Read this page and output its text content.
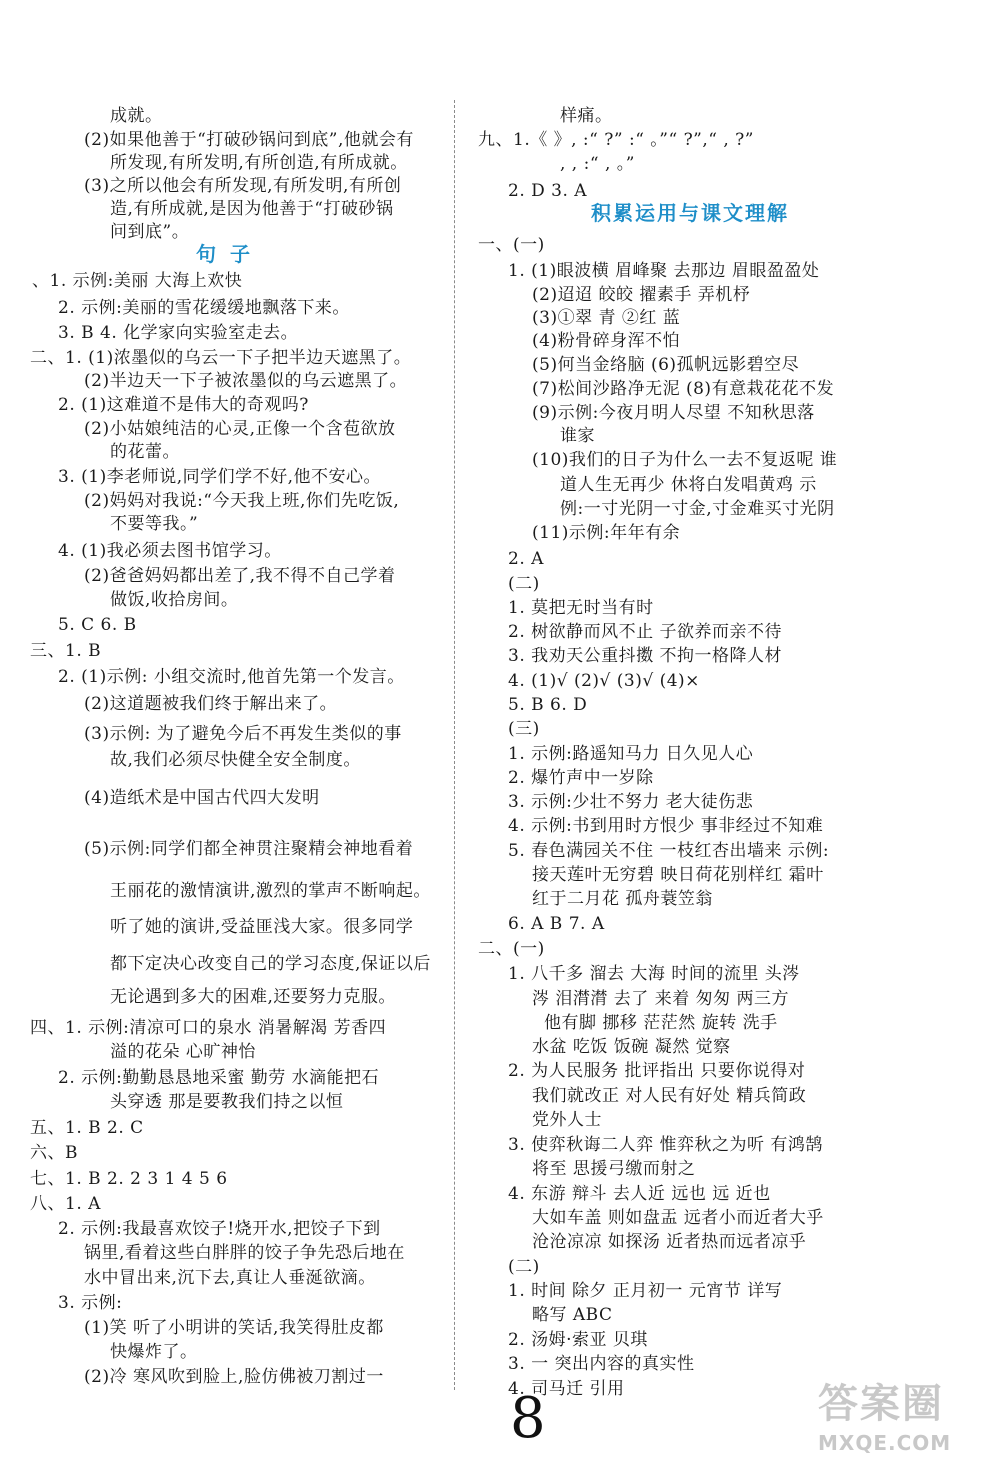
成就。
(2)如果他善于“打破砂锅问到底”,他就会有
所发现,有所发明,有所创造,有所成就。
(3)之所以他会有所发现,有所发明,有所创
造,有所成就,是因为他善于“打破砂锅
问到底”。
、1. 示例:美丽 大海上欢快
2. 示例:美丽的雪花缓缓地飘落下来。
3. B 4. 化学家向实验室走去。
二、1. (1)浓墨似的乌云一下子把半边天遮黑了。
(2)半边天一下子被浓墨似的乌云遮黑了。
2. (1)这难道不是伟大的奇观吗?
(2)小姑娘纯洁的心灵,正像一个含苞欲放
的花蕾。
3. (1)李老师说,同学们学不好,他不安心。
(2)妈妈对我说:“今天我上班,你们先吃饭,
不要等我。”
4. (1)我必须去图书馆学习。
(2)爸爸妈妈都出差了,我不得不自己学着
做饭,收拾房间。
5. C 6. B
三、1. B
2. (1)示例: 小组交流时,他首先第一个发言。
(2)这道题被我们终于解出来了。
(3)示例: 为了避免今后不再发生类似的事
故,我们必须尽快健全安全制度。
(4)造纸术是中国古代四大发明
(5)示例:同学们都全神贯注聚精会神地看着
王丽花的激情演讲,激烈的掌声不断响起。
听了她的演讲,受益匪浅大家。很多同学
都下定决心改变自己的学习态度,保证以后
无论遇到多大的困难,还要努力克服。
四、1. 示例:清凉可口的泉水 消暑解渴 芳香四
溢的花朵 心旷神怡
2. 示例:勤勤恳恳地采蜜 勤劳 水滴能把石
头穿透 那是要教我们持之以恒
五、1. B 2. C
六、B
七、1. B 2. 2 3 1 4 5 6
八、1. A
2. 示例:我最喜欢饺子!烧开水,把饺子下到
锅里,看着这些白胖胖的饺子争先恐后地在
水中冒出来,沉下去,真让人垂涎欲滴。
3. 示例:
(1)笑 听了小明讲的笑话,我笑得肚皮都
快爆炸了。
(2)冷 寒风吹到脸上,脸仿佛被刀割过一
样痛。
九、1.《 》, :“ ?” :“ 。”“ ?”,“ , ?”
, , :“ , 。”
2. D 3. A
一、(一)
1. (1)眼波横 眉峰聚 去那边 眉眼盈盈处
(2)迢迢 皎皎 擢素手 弄机杼
(3)①翠 青 ②红 蓝
(4)粉骨碎身浑不怕
(5)何当金络脑 (6)孤帆远影碧空尽
(7)松间沙路净无泥 (8)有意栽花花不发
(9)示例:今夜月明人尽望 不知秋思落
谁家
(10)我们的日子为什么一去不复返呢 谁
道人生无再少 休将白发唱黄鸡 示
例:一寸光阴一寸金,寸金难买寸光阴
(11)示例:年年有余
2. A
(二)
1. 莫把无时当有时
2. 树欲静而风不止 子欲养而亲不待
3. 我劝天公重抖擞 不拘一格降人材
4. (1)√ (2)√ (3)√ (4)×
5. B 6. D
(三)
1. 示例:路遥知马力 日久见人心
2. 爆竹声中一岁除
3. 示例:少壮不努力 老大徒伤悲
4. 示例:书到用时方恨少 事非经过不知难
5. 春色满园关不住 一枝红杏出墙来 示例:
接天莲叶无穷碧 映日荷花别样红 霜叶
红于二月花 孤舟蓑笠翁
6. A B 7. A
二、(一)
1. 八千多 溜去 大海 时间的流里 头涔
涔 泪潸潸 去了 来着 匆匆 两三方
他有脚 挪移 茫茫然 旋转 洗手
水盆 吃饭 饭碗 凝然 觉察
2. 为人民服务 批评指出 只要你说得对
我们就改正 对人民有好处 精兵简政
党外人士
3. 使弈秋诲二人弈 惟弈秋之为听 有鸿鹄
将至 思援弓缴而射之
4. 东游 辩斗 去人近 远也 远 近也
大如车盖 则如盘盂 远者小而近者大乎
沧沧凉凉 如探汤 近者热而远者凉乎
(二)
1. 时间 除夕 正月初一 元宵节 详写
略写 ABC
2. 汤姆·索亚 贝琪
3. 一 突出内容的真实性
4. 司马迁 引用
句子
积累运用与课文理解
8	答案圈
MXQE.COM
